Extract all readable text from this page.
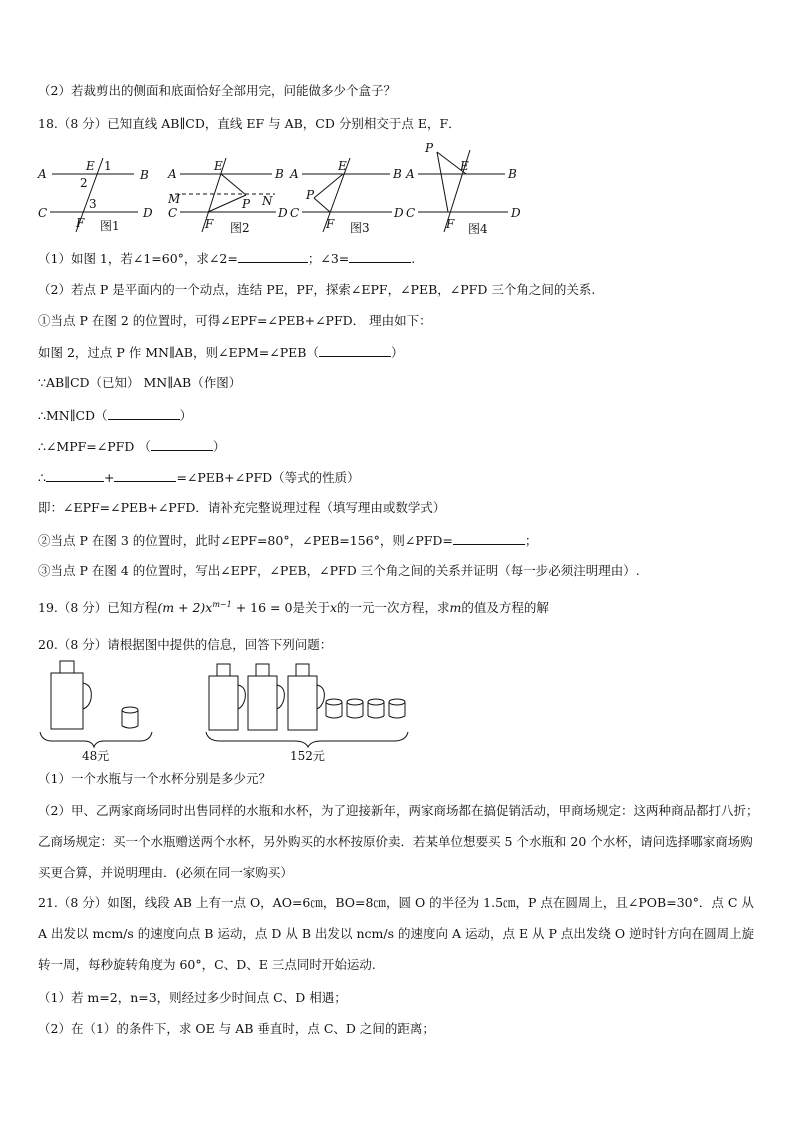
（2）若裁剪出的侧面和底面恰好全部用完，问能做多少个盒子？
18.（8 分）已知直线 AB∥CD，直线 EF 与 AB，CD 分别相交于点 E，F．
A	B
C	D
E
F
1
2
3
图1
A	B
C	D
E
F
M	N
P
图2
A	B
C	D
E
F
P
图3
A	B
C	D
E
F
P
图4
（1）如图 1，若∠1=60°，求∠2=	；∠3=	.
（2）若点 P 是平面内的一个动点，连结 PE，PF，探索∠EPF，∠PEB，∠PFD 三个角之间的关系.
①当点 P 在图 2 的位置时，可得∠EPF=∠PEB+∠PFD． 理由如下：
如图 2，过点 P 作 MN∥AB，则∠EPM=∠PEB（	）
∵AB∥CD（已知） MN∥AB（作图）
∴MN∥CD（	）
∴∠MPF=∠PFD （	）
∴	+	=∠PEB+∠PFD（等式的性质）
即：∠EPF=∠PEB+∠PFD．请补充完整说理过程（填写理由或数学式）
②当点 P 在图 3 的位置时，此时∠EPF=80°，∠PEB=156°，则∠PFD=	；
③当点 P 在图 4 的位置时，写出∠EPF，∠PEB，∠PFD 三个角之间的关系并证明（每一步必须注明理由）.
19.（8 分）已知方程$(m + 2)x^{m-1} + 16 = 0$是关于x的一元一次方程，求m的值及方程的解
20.（8 分）请根据图中提供的信息，回答下列问题：
48元	152元
（1）一个水瓶与一个水杯分别是多少元？
（2）甲、乙两家商场同时出售同样的水瓶和水杯，为了迎接新年，两家商场都在搞促销活动，甲商场规定：这两种商品都打八折；乙商场规定：买一个水瓶赠送两个水杯，另外购买的水杯按原价卖．若某单位想要买 5 个水瓶和 20 个水杯，请问选择哪家商场购买更合算，并说明理由．(必须在同一家购买）
21.（8 分）如图，线段 AB 上有一点 O，AO=6㎝，BO=8㎝，圆 O 的半径为 1.5㎝，P 点在圆周上，且∠POB=30°．点 C 从 A 出发以 mcm/s 的速度向点 B 运动，点 D 从 B 出发以 ncm/s 的速度向 A 运动，点 E 从 P 点出发绕 O 逆时针方向在圆周上旋转一周，每秒旋转角度为 60°，C、D、E 三点同时开始运动.
（1）若 m=2，n=3，则经过多少时间点 C、D 相遇；
（2）在（1）的条件下，求 OE 与 AB 垂直时，点 C、D 之间的距离；
